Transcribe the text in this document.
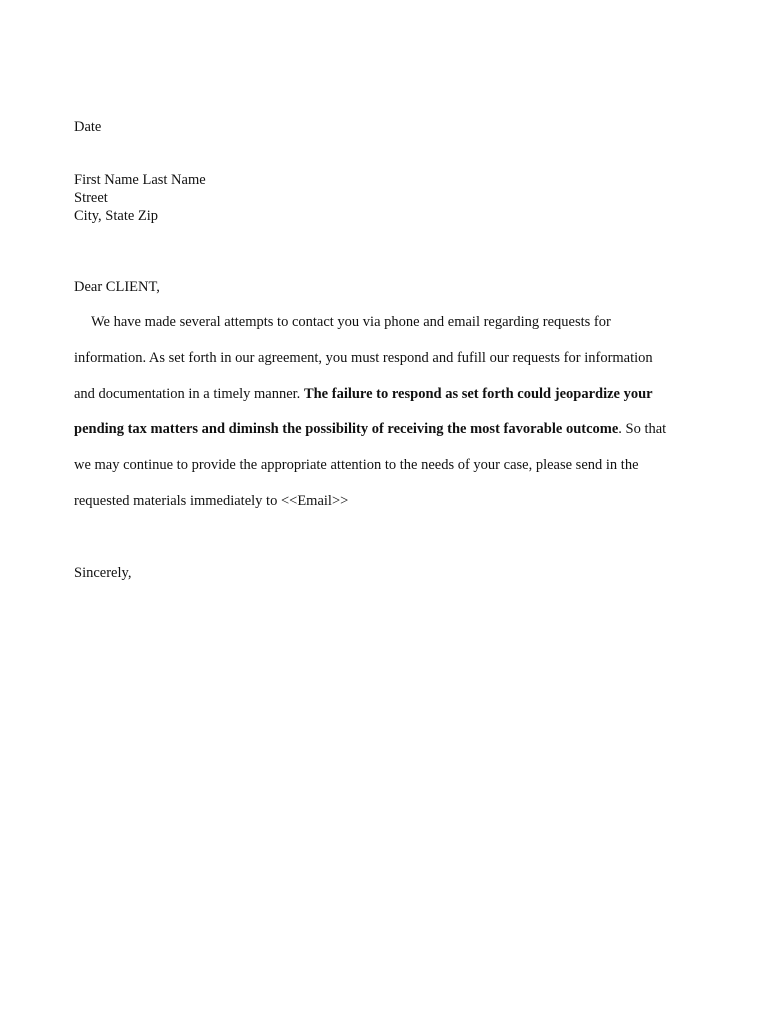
Date
First Name Last Name
Street
City, State Zip
Dear CLIENT,

We have made several attempts to contact you via phone and email regarding requests for information. As set forth in our agreement, you must respond and fufill our requests for information and documentation in a timely manner. The failure to respond as set forth could jeopardize your pending tax matters and diminsh the possibility of receiving the most favorable outcome. So that we may continue to provide the appropriate attention to the needs of your case, please send in the requested materials immediately to <<Email>>

Sincerely,
